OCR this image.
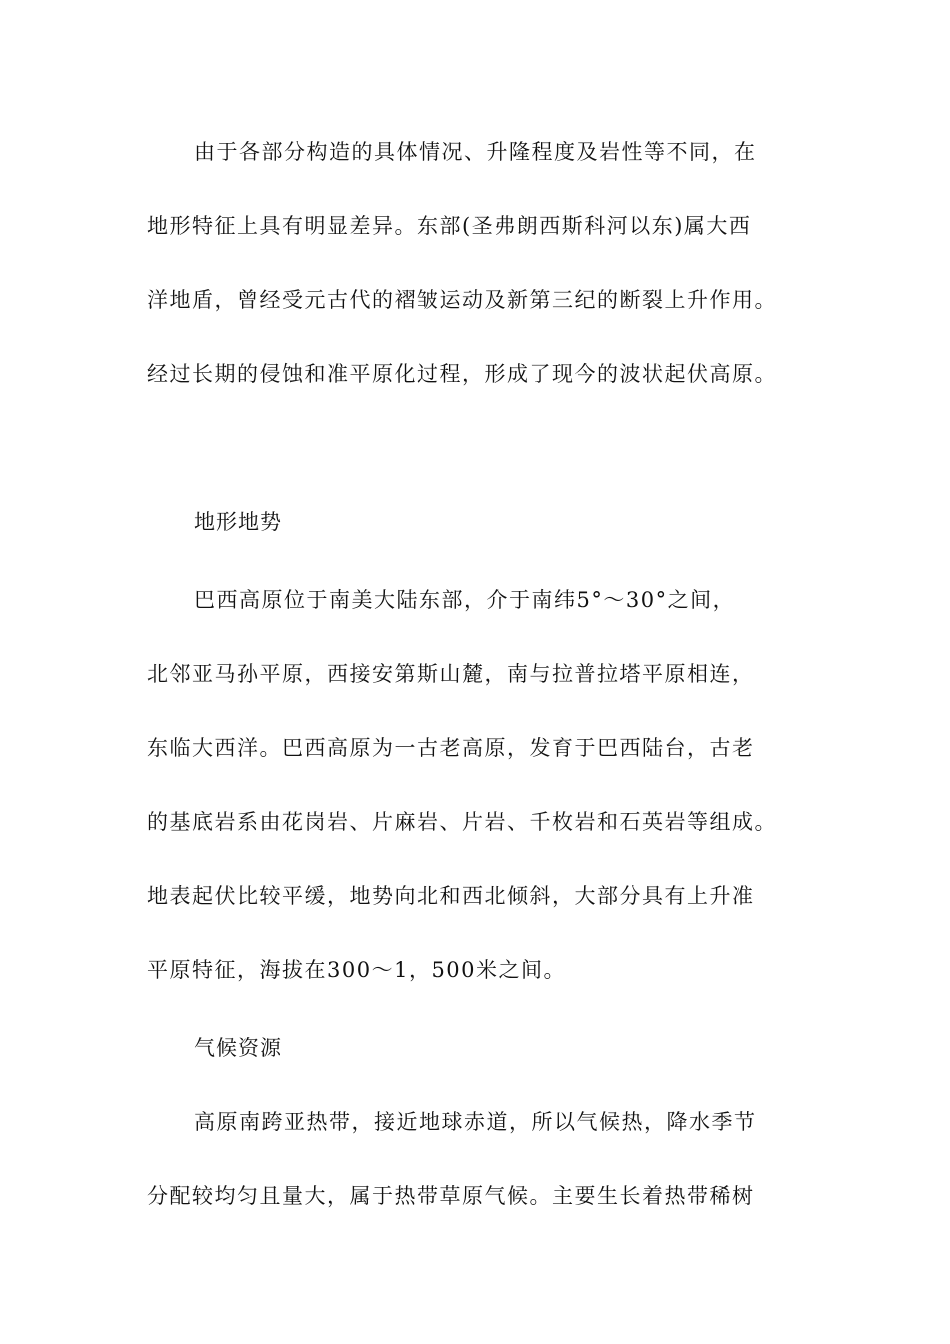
由于各部分构造的具体情况、升隆程度及岩性等不同，在
地形特征上具有明显差异。东部(圣弗朗西斯科河以东)属大西
洋地盾，曾经受元古代的褶皱运动及新第三纪的断裂上升作用。
经过长期的侵蚀和准平原化过程，形成了现今的波状起伏高原。
地形地势
巴西高原位于南美大陆东部，介于南纬5°～30°之间，
北邻亚马孙平原，西接安第斯山麓，南与拉普拉塔平原相连，
东临大西洋。巴西高原为一古老高原，发育于巴西陆台，古老
的基底岩系由花岗岩、片麻岩、片岩、千枚岩和石英岩等组成。
地表起伏比较平缓，地势向北和西北倾斜，大部分具有上升准
平原特征，海拔在300～1，500米之间。
气候资源
高原南跨亚热带，接近地球赤道，所以气候热，降水季节
分配较均匀且量大，属于热带草原气候。主要生长着热带稀树
